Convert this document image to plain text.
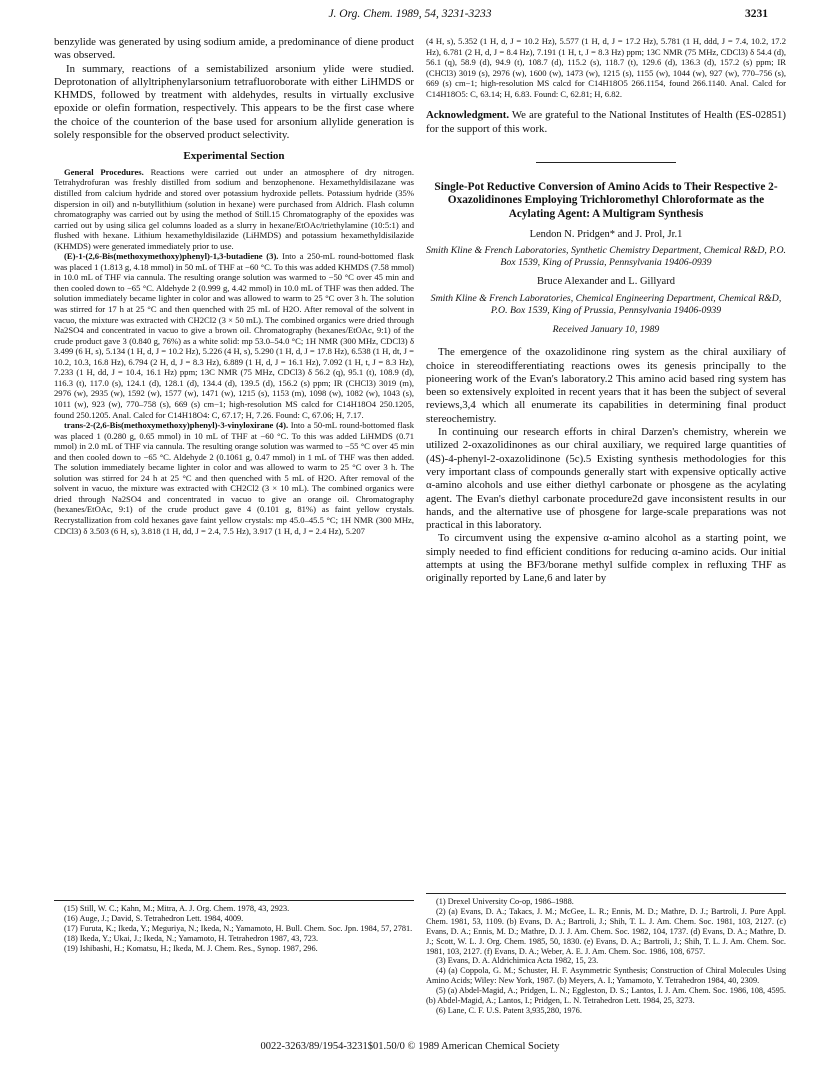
J. Org. Chem. 1989, 54, 3231-3233	3231

benzylide was generated by using sodium amide, a predominance of diene product was observed.

In summary, reactions of a semistabilized arsonium ylide were studied. Deprotonation of allyltriphenylarsonium tetrafluoroborate with either LiHMDS or KHMDS, followed by treatment with aldehydes, results in virtually exclusive epoxide or olefin formation, respectively. This appears to be the first case where the choice of the counterion of the base used for arsonium allylide generation is solely responsible for the observed product selectivity.

Experimental Section

General Procedures. Reactions were carried out under an atmosphere of dry nitrogen. Tetrahydrofuran was freshly distilled from sodium and benzophenone. Hexamethyldisilazane was distilled from calcium hydride and stored over potassium hydroxide pellets. Potassium hydride (35% dispersion in oil) and n-butyllithium (solution in hexane) were purchased from Aldrich. Flash column chromatography was carried out by using the method of Still.15 Chromatography of the epoxides was carried out by using silica gel columns loaded as a slurry in hexane/EtOAc/triethylamine (10:5:1) and flushed with hexane. Lithium hexamethyldisilazide (LiHMDS) and potassium hexamethyldisilazide (KHMDS) were generated immediately prior to use.

(E)-1-(2,6-Bis(methoxymethoxy)phenyl)-1,3-butadiene (3). Into a 250-mL round-bottomed flask was placed 1 (1.813 g, 4.18 mmol) in 50 mL of THF at −60 °C. To this was added KHMDS (7.58 mmol) in 10.0 mL of THF via cannula. The resulting orange solution was warmed to −50 °C over 45 min and then cooled down to −65 °C. Aldehyde 2 (0.999 g, 4.42 mmol) in 10.0 mL of THF was then added. The solution immediately became lighter in color and was allowed to warm to 25 °C over 3 h. The solution was stirred for 17 h at 25 °C and then quenched with 25 mL of H2O. After removal of the solvent in vacuo, the mixture was extracted with CH2Cl2 (3 × 50 mL). The combined organics were dried through Na2SO4 and concentrated in vacuo to give a brown oil. Chromatography (hexanes/EtOAc, 9:1) of the crude product gave 3 (0.840 g, 76%) as a white solid: mp 53.0–54.0 °C; 1H NMR (300 MHz, CDCl3) δ 3.499 (6 H, s), 5.134 (1 H, d, J = 10.2 Hz), 5.226 (4 H, s), 5.290 (1 H, d, J = 17.8 Hz), 6.538 (1 H, dt, J = 10.2, 10.3, 16.8 Hz), 6.794 (2 H, d, J = 8.3 Hz), 6.889 (1 H, d, J = 16.1 Hz), 7.092 (1 H, t, J = 8.3 Hz), 7.233 (1 H, dd, J = 10.4, 16.1 Hz) ppm; 13C NMR (75 MHz, CDCl3) δ 56.2 (q), 95.1 (t), 108.9 (d), 116.3 (t), 117.0 (s), 124.1 (d), 128.1 (d), 134.4 (d), 139.5 (d), 156.2 (s) ppm; IR (CHCl3) 3019 (m), 2976 (w), 2935 (w), 1592 (w), 1577 (w), 1471 (w), 1215 (s), 1153 (m), 1098 (w), 1082 (w), 1043 (s), 1011 (w), 923 (w), 770–758 (s), 669 (s) cm−1; high-resolution MS calcd for C14H18O4 250.1205, found 250.1205. Anal. Calcd for C14H18O4: C, 67.17; H, 7.26. Found: C, 67.06; H, 7.17.

trans-2-(2,6-Bis(methoxymethoxy)phenyl)-3-vinyloxirane (4). Into a 50-mL round-bottomed flask was placed 1 (0.280 g, 0.65 mmol) in 10 mL of THF at −60 °C. To this was added LiHMDS (0.71 mmol) in 2.0 mL of THF via cannula. The resulting orange solution was warmed to −55 °C over 45 min and then cooled down to −65 °C. Aldehyde 2 (0.1061 g, 0.47 mmol) in 1 mL of THF was then added. The solution immediately became lighter in color and was allowed to warm to 25 °C over 3 h. The solution was stirred for 24 h at 25 °C and then quenched with 5 mL of H2O. After removal of the solvent in vacuo, the mixture was extracted with CH2Cl2 (3 × 10 mL). The combined organics were dried through Na2SO4 and concentrated in vacuo to give an orange oil. Chromatography (hexanes/EtOAc, 9:1) of the crude product gave 4 (0.101 g, 81%) as faint yellow crystals. Recrystallization from cold hexanes gave faint yellow crystals: mp 45.0–45.5 °C; 1H NMR (300 MHz, CDCl3) δ 3.503 (6 H, s), 3.818 (1 H, dd, J = 2.4, 7.5 Hz), 3.917 (1 H, d, J = 2.4 Hz), 5.207

(15) Still, W. C.; Kahn, M.; Mitra, A. J. Org. Chem. 1978, 43, 2923.

(16) Auge, J.; David, S. Tetrahedron Lett. 1984, 4009.

(17) Furuta, K.; Ikeda, Y.; Meguriya, N.; Ikeda, N.; Yamamoto, H. Bull. Chem. Soc. Jpn. 1984, 57, 2781.

(18) Ikeda, Y.; Ukai, J.; Ikeda, N.; Yamamoto, H. Tetrahedron 1987, 43, 723.

(19) Ishibashi, H.; Komatsu, H.; Ikeda, M. J. Chem. Res., Synop. 1987, 296.

(4 H, s), 5.352 (1 H, d, J = 10.2 Hz), 5.577 (1 H, d, J = 17.2 Hz), 5.781 (1 H, ddd, J = 7.4, 10.2, 17.2 Hz), 6.781 (2 H, d, J = 8.4 Hz), 7.191 (1 H, t, J = 8.3 Hz) ppm; 13C NMR (75 MHz, CDCl3) δ 54.4 (d), 56.1 (q), 58.9 (d), 94.9 (t), 108.7 (d), 115.2 (s), 118.7 (t), 129.6 (d), 136.3 (d), 157.2 (s) ppm; IR (CHCl3) 3019 (s), 2976 (w), 1600 (w), 1473 (w), 1215 (s), 1155 (w), 1044 (w), 927 (w), 770–756 (s), 669 (s) cm−1; high-resolution MS calcd for C14H18O5 266.1154, found 266.1140. Anal. Calcd for C14H18O5: C, 63.14; H, 6.83. Found: C, 62.81; H, 6.82.

Acknowledgment. We are grateful to the National Institutes of Health (ES-02851) for the support of this work.

Single-Pot Reductive Conversion of Amino Acids to Their Respective 2-Oxazolidinones Employing Trichloromethyl Chloroformate as the Acylating Agent: A Multigram Synthesis
Lendon N. Pridgen* and J. Prol, Jr.1
Smith Kline & French Laboratories, Synthetic Chemistry Department, Chemical R&D, P.O. Box 1539, King of Prussia, Pennsylvania 19406-0939
Bruce Alexander and L. Gillyard
Smith Kline & French Laboratories, Chemical Engineering Department, Chemical R&D, P.O. Box 1539, King of Prussia, Pennsylvania 19406-0939
Received January 10, 1989

The emergence of the oxazolidinone ring system as the chiral auxiliary of choice in stereodifferentiating reactions owes its genesis principally to the pioneering work of the Evan's laboratory.2 This amino acid based ring system has been so extensively exploited in recent years that it has been the subject of several reviews,3,4 which all enumerate its capabilities in determining final product stereochemistry.

In continuing our research efforts in chiral Darzen's chemistry, wherein we utilized 2-oxazolidinones as our chiral auxiliary, we required large quantities of (4S)-4-phenyl-2-oxazolidinone (5c).5 Existing synthesis methodologies for this very important class of compounds generally start with expensive optically active α-amino alcohols and use either diethyl carbonate or phosgene as the acylating agent. The Evan's diethyl carbonate procedure2d gave inconsistent results in our hands, and the alternative use of phosgene for large-scale preparations was not practical in this laboratory.

To circumvent using the expensive α-amino alcohol as a starting point, we simply needed to find efficient conditions for reducing α-amino acids. Our initial attempts at using the BF3/borane methyl sulfide complex in refluxing THF as originally reported by Lane,6 and later by

(1) Drexel University Co-op, 1986–1988.

(2) (a) Evans, D. A.; Takacs, J. M.; McGee, L. R.; Ennis, M. D.; Mathre, D. J.; Bartroli, J. Pure Appl. Chem. 1981, 53, 1109. (b) Evans, D. A.; Bartroli, J.; Shih, T. L. J. Am. Chem. Soc. 1981, 103, 2127. (c) Evans, D. A.; Ennis, M. D.; Mathre, D. J. J. Am. Chem. Soc. 1982, 104, 1737. (d) Evans, D. A.; Mathre, D. J.; Scott, W. L. J. Org. Chem. 1985, 50, 1830. (e) Evans, D. A.; Bartroli, J.; Shih, T. L. J. Am. Chem. Soc. 1981, 103, 2127. (f) Evans, D. A.; Weber, A. E. J. Am. Chem. Soc. 1986, 108, 6757.

(3) Evans, D. A. Aldrichimica Acta 1982, 15, 23.

(4) (a) Coppola, G. M.; Schuster, H. F. Asymmetric Synthesis; Construction of Chiral Molecules Using Amino Acids; Wiley: New York, 1987. (b) Meyers, A. I.; Yamamoto, Y. Tetrahedron 1984, 40, 2309.

(5) (a) Abdel-Magid, A.; Pridgen, L. N.; Eggleston, D. S.; Lantos, I. J. Am. Chem. Soc. 1986, 108, 4595. (b) Abdel-Magid, A.; Lantos, I.; Pridgen, L. N. Tetrahedron Lett. 1984, 25, 3273.

(6) Lane, C. F. U.S. Patent 3,935,280, 1976.

0022-3263/89/1954-3231$01.50/0 © 1989 American Chemical Society
